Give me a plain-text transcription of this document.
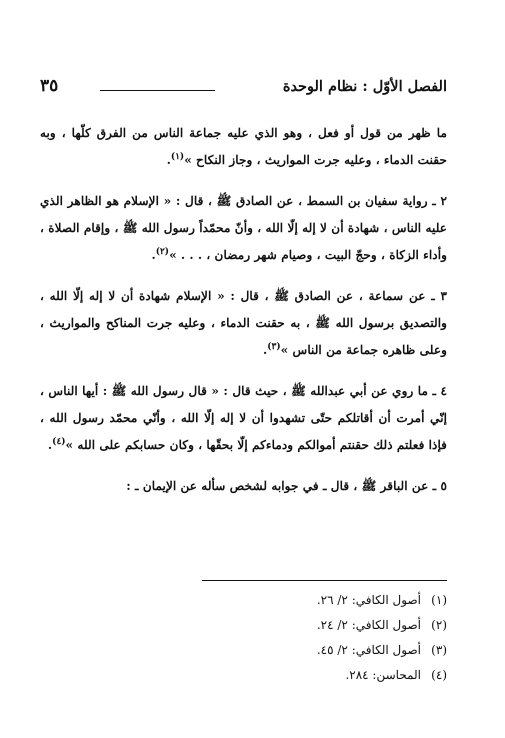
الفصل الأوّل : نظام الوحدة
٣٥

ما ظهر من قول أو فعل ، وهو الذي عليه جماعة الناس من الفرق كلّها ، وبه حقنت الدماء ، وعليه جرت المواريث ، وجاز النكاح »$^{(١)}$.

٢ ـ رواية سفيان بن السمط ، عن الصادق ﷺ ، قال : « الإسلام هو الظاهر الذي عليه الناس ، شهادة أن لا إله إلّا الله ، وأنّ محمّداً رسول الله ﷺ ، وإقام الصلاة ، وأداء الزكاة ، وحجّ البيت ، وصيام شهر رمضان ، . . . »$^{(٢)}$.

٣ ـ عن سماعة ، عن الصادق ﷺ ، قال : « الإسلام شهادة أن لا إله إلّا الله ، والتصديق برسول الله ﷺ ، به حقنت الدماء ، وعليه جرت المناكح والمواريث ، وعلى ظاهره جماعة من الناس »$^{(٣)}$.

٤ ـ ما روي عن أبي عبدالله ﷺ ، حيث قال : « قال رسول الله ﷺ : أيها الناس ، إنّي أمرت أن أقاتلكم حتّى تشهدوا أن لا إله إلّا الله ، وأنّي محمّد رسول الله ، فإذا فعلتم ذلك حقنتم أموالكم ودماءكم إلّا بحقّها ، وكان حسابكم على الله »$^{(٤)}$.

٥ ـ عن الباقر ﷺ ، قال ـ في جوابه لشخص سأله عن الإيمان ـ :

(١)أصول الكافي: ٢/ ٢٦.

(٢)أصول الكافي: ٢/ ٢٤.

(٣)أصول الكافي: ٢/ ٤٥.

(٤)المحاسن: ٢٨٤.
